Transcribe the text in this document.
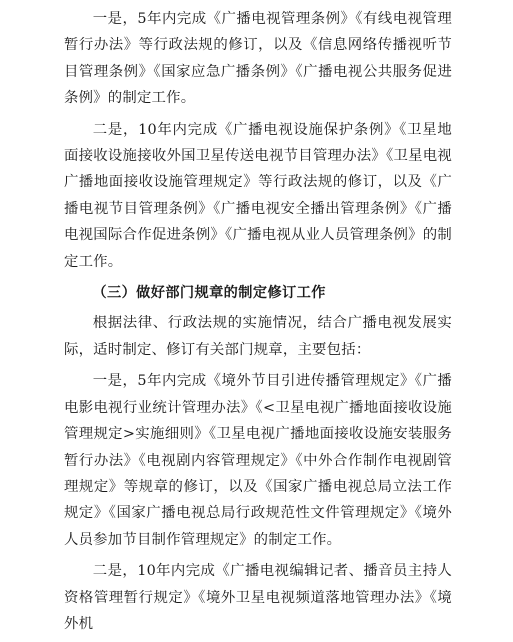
一是，5年内完成《广播电视管理条例》《有线电视管理暂行办法》等行政法规的修订，以及《信息网络传播视听节目管理条例》《国家应急广播条例》《广播电视公共服务促进条例》的制定工作。

二是，10年内完成《广播电视设施保护条例》《卫星地面接收设施接收外国卫星传送电视节目管理办法》《卫星电视广播地面接收设施管理规定》等行政法规的修订，以及《广播电视节目管理条例》《广播电视安全播出管理条例》《广播电视国际合作促进条例》《广播电视从业人员管理条例》的制定工作。

（三）做好部门规章的制定修订工作

根据法律、行政法规的实施情况，结合广播电视发展实际，适时制定、修订有关部门规章，主要包括：

一是，5年内完成《境外节目引进传播管理规定》《广播电影电视行业统计管理办法》《<卫星电视广播地面接收设施管理规定>实施细则》《卫星电视广播地面接收设施安装服务暂行办法》《电视剧内容管理规定》《中外合作制作电视剧管理规定》等规章的修订，以及《国家广播电视总局立法工作规定》《国家广播电视总局行政规范性文件管理规定》《境外人员参加节目制作管理规定》的制定工作。

二是，10年内完成《广播电视编辑记者、播音员主持人资格管理暂行规定》《境外卫星电视频道落地管理办法》《境外机
